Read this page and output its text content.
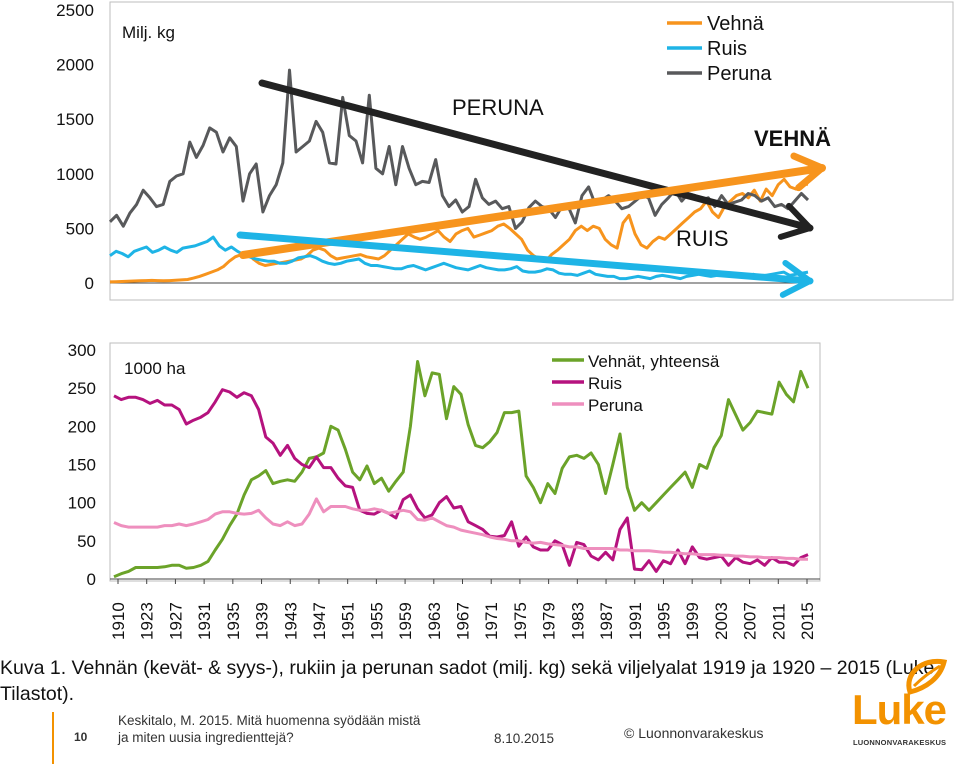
2500
2000
1500
1000
500
0
Milj. kg
PERUNA
VEHNÄ
RUIS
Vehnä
Ruis
Peruna
300
250
200
150
100
50
0
1000 ha
1910 1923 1927 1931 1935 1939 1943 1947 1951 1955 1959 1963 1967 1971 1975 1979 1983 1987 1991 1995 1999 2003 2007 2011 2015
Vehnät, yhteensä
Ruis
Peruna
Kuva 1. Vehnän (kevät- & syys-), rukiin ja perunan sadot (milj. kg) sekä viljelyalat 1919 ja 1920 – 2015 (Luke Tilastot).
10
Keskitalo, M. 2015. Mitä huomenna syödään mistä
ja miten uusia ingredienttejä?	8.10.2015	© Luonnonvarakeskus Luke
LUONNONVARAKESKUS
